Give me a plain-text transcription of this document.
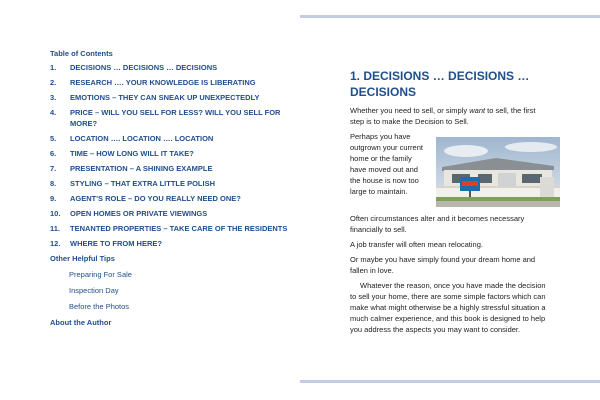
Table of Contents
1.	DECISIONS … DECISIONS … DECISIONS
2.	RESEARCH …. YOUR KNOWLEDGE IS LIBERATING
3.	EMOTIONS – THEY CAN SNEAK UP UNEXPECTEDLY
4.	PRICE – WILL YOU SELL FOR LESS? WILL YOU SELL FOR MORE?
5.	LOCATION …. LOCATION …. LOCATION
6.	TIME – HOW LONG WILL IT TAKE?
7.	PRESENTATION – A SHINING EXAMPLE
8.	STYLING – THAT EXTRA LITTLE POLISH
9.	AGENT'S ROLE – DO YOU REALLY NEED ONE?
10.	OPEN HOMES OR PRIVATE VIEWINGS
11.	TENANTED PROPERTIES – TAKE CARE OF THE RESIDENTS
12.	WHERE TO FROM HERE?
Other Helpful Tips
Preparing For Sale
Inspection Day
Before the Photos
About the Author
1. DECISIONS … DECISIONS … DECISIONS
Whether you need to sell, or simply want to sell, the first step is to make the Decision to Sell.
Perhaps you have outgrown your current home or the family have moved out and the house is now too large to maintain.
Often circumstances alter and it becomes necessary financially to sell.
A job transfer will often mean relocating.
Or maybe you have simply found your dream home and fallen in love.
Whatever the reason, once you have made the decision to sell your home, there are some simple factors which can make what might otherwise be a highly stressful situation a much calmer experience, and this book is designed to help you address the aspects you may want to consider.
